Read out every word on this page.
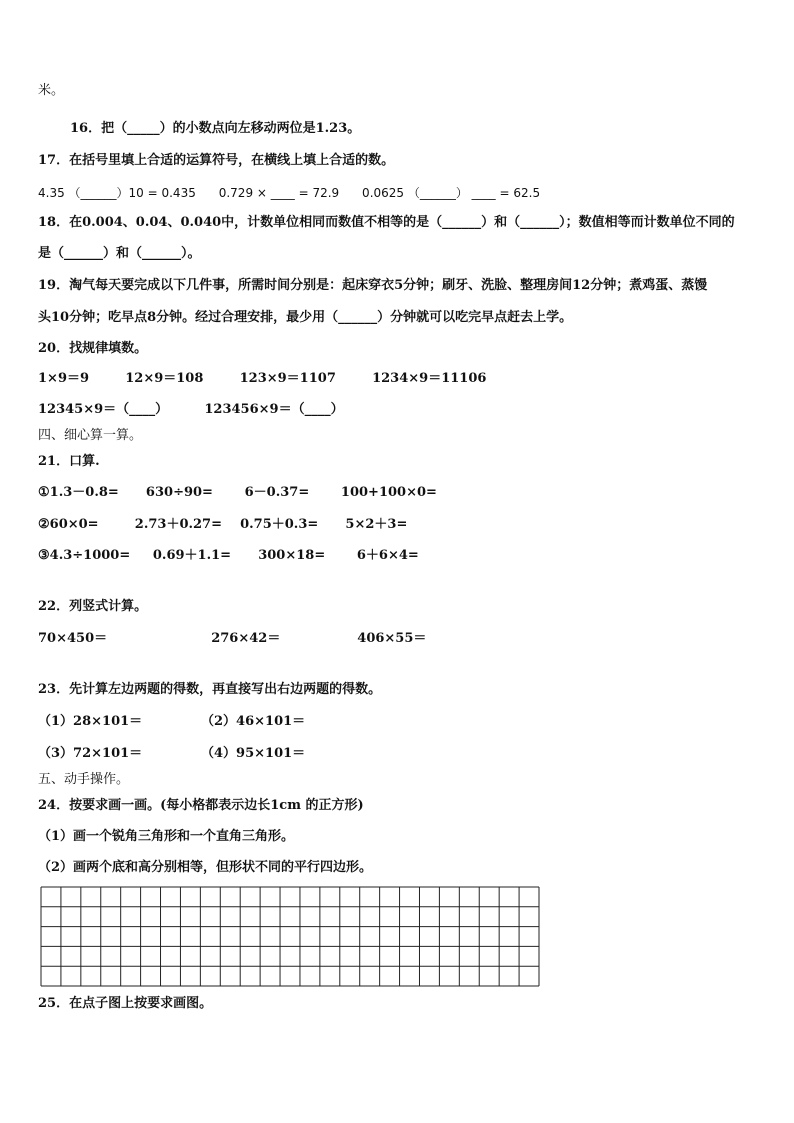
米。
16．把（_____）的小数点向左移动两位是1.23。
17．在括号里填上合适的运算符号，在横线上填上合适的数。
4.35 （______）10 = 0.435      0.729 × ____ = 72.9      0.0625 （______） ____ = 62.5
18．在0.004、0.04、0.040中，计数单位相同而数值不相等的是（______）和（______）；数值相等而计数单位不同的
是（______）和（______）。
19．淘气每天要完成以下几件事，所需时间分别是：起床穿衣5分钟；刷牙、洗脸、整理房间12分钟；煮鸡蛋、蒸馒
头10分钟；吃早点8分钟。经过合理安排，最少用（______）分钟就可以吃完早点赶去上学。
20．找规律填数。
1×9＝9        12×9＝108        123×9＝1107        1234×9＝11106
12345×9＝（____）        123456×9＝（____）
四、细心算一算。
21．口算.
①1.3－0.8=      630÷90=       6－0.37=       100+100×0=
②60×0=        2.73＋0.27=    0.75＋0.3=      5×2＋3=
③4.3÷1000=     0.69＋1.1=      300×18=       6＋6×4=
22．列竖式计算。
70×450＝                       276×42＝                 406×55＝
23．先计算左边两题的得数，再直接写出右边两题的得数。
（1）28×101＝             （2）46×101＝
（3）72×101＝             （4）95×101＝
五、动手操作。
24．按要求画一画。(每小格都表示边长1cm 的正方形)
（1）画一个锐角三角形和一个直角三角形。
（2）画两个底和高分别相等，但形状不同的平行四边形。
25．在点子图上按要求画图。
